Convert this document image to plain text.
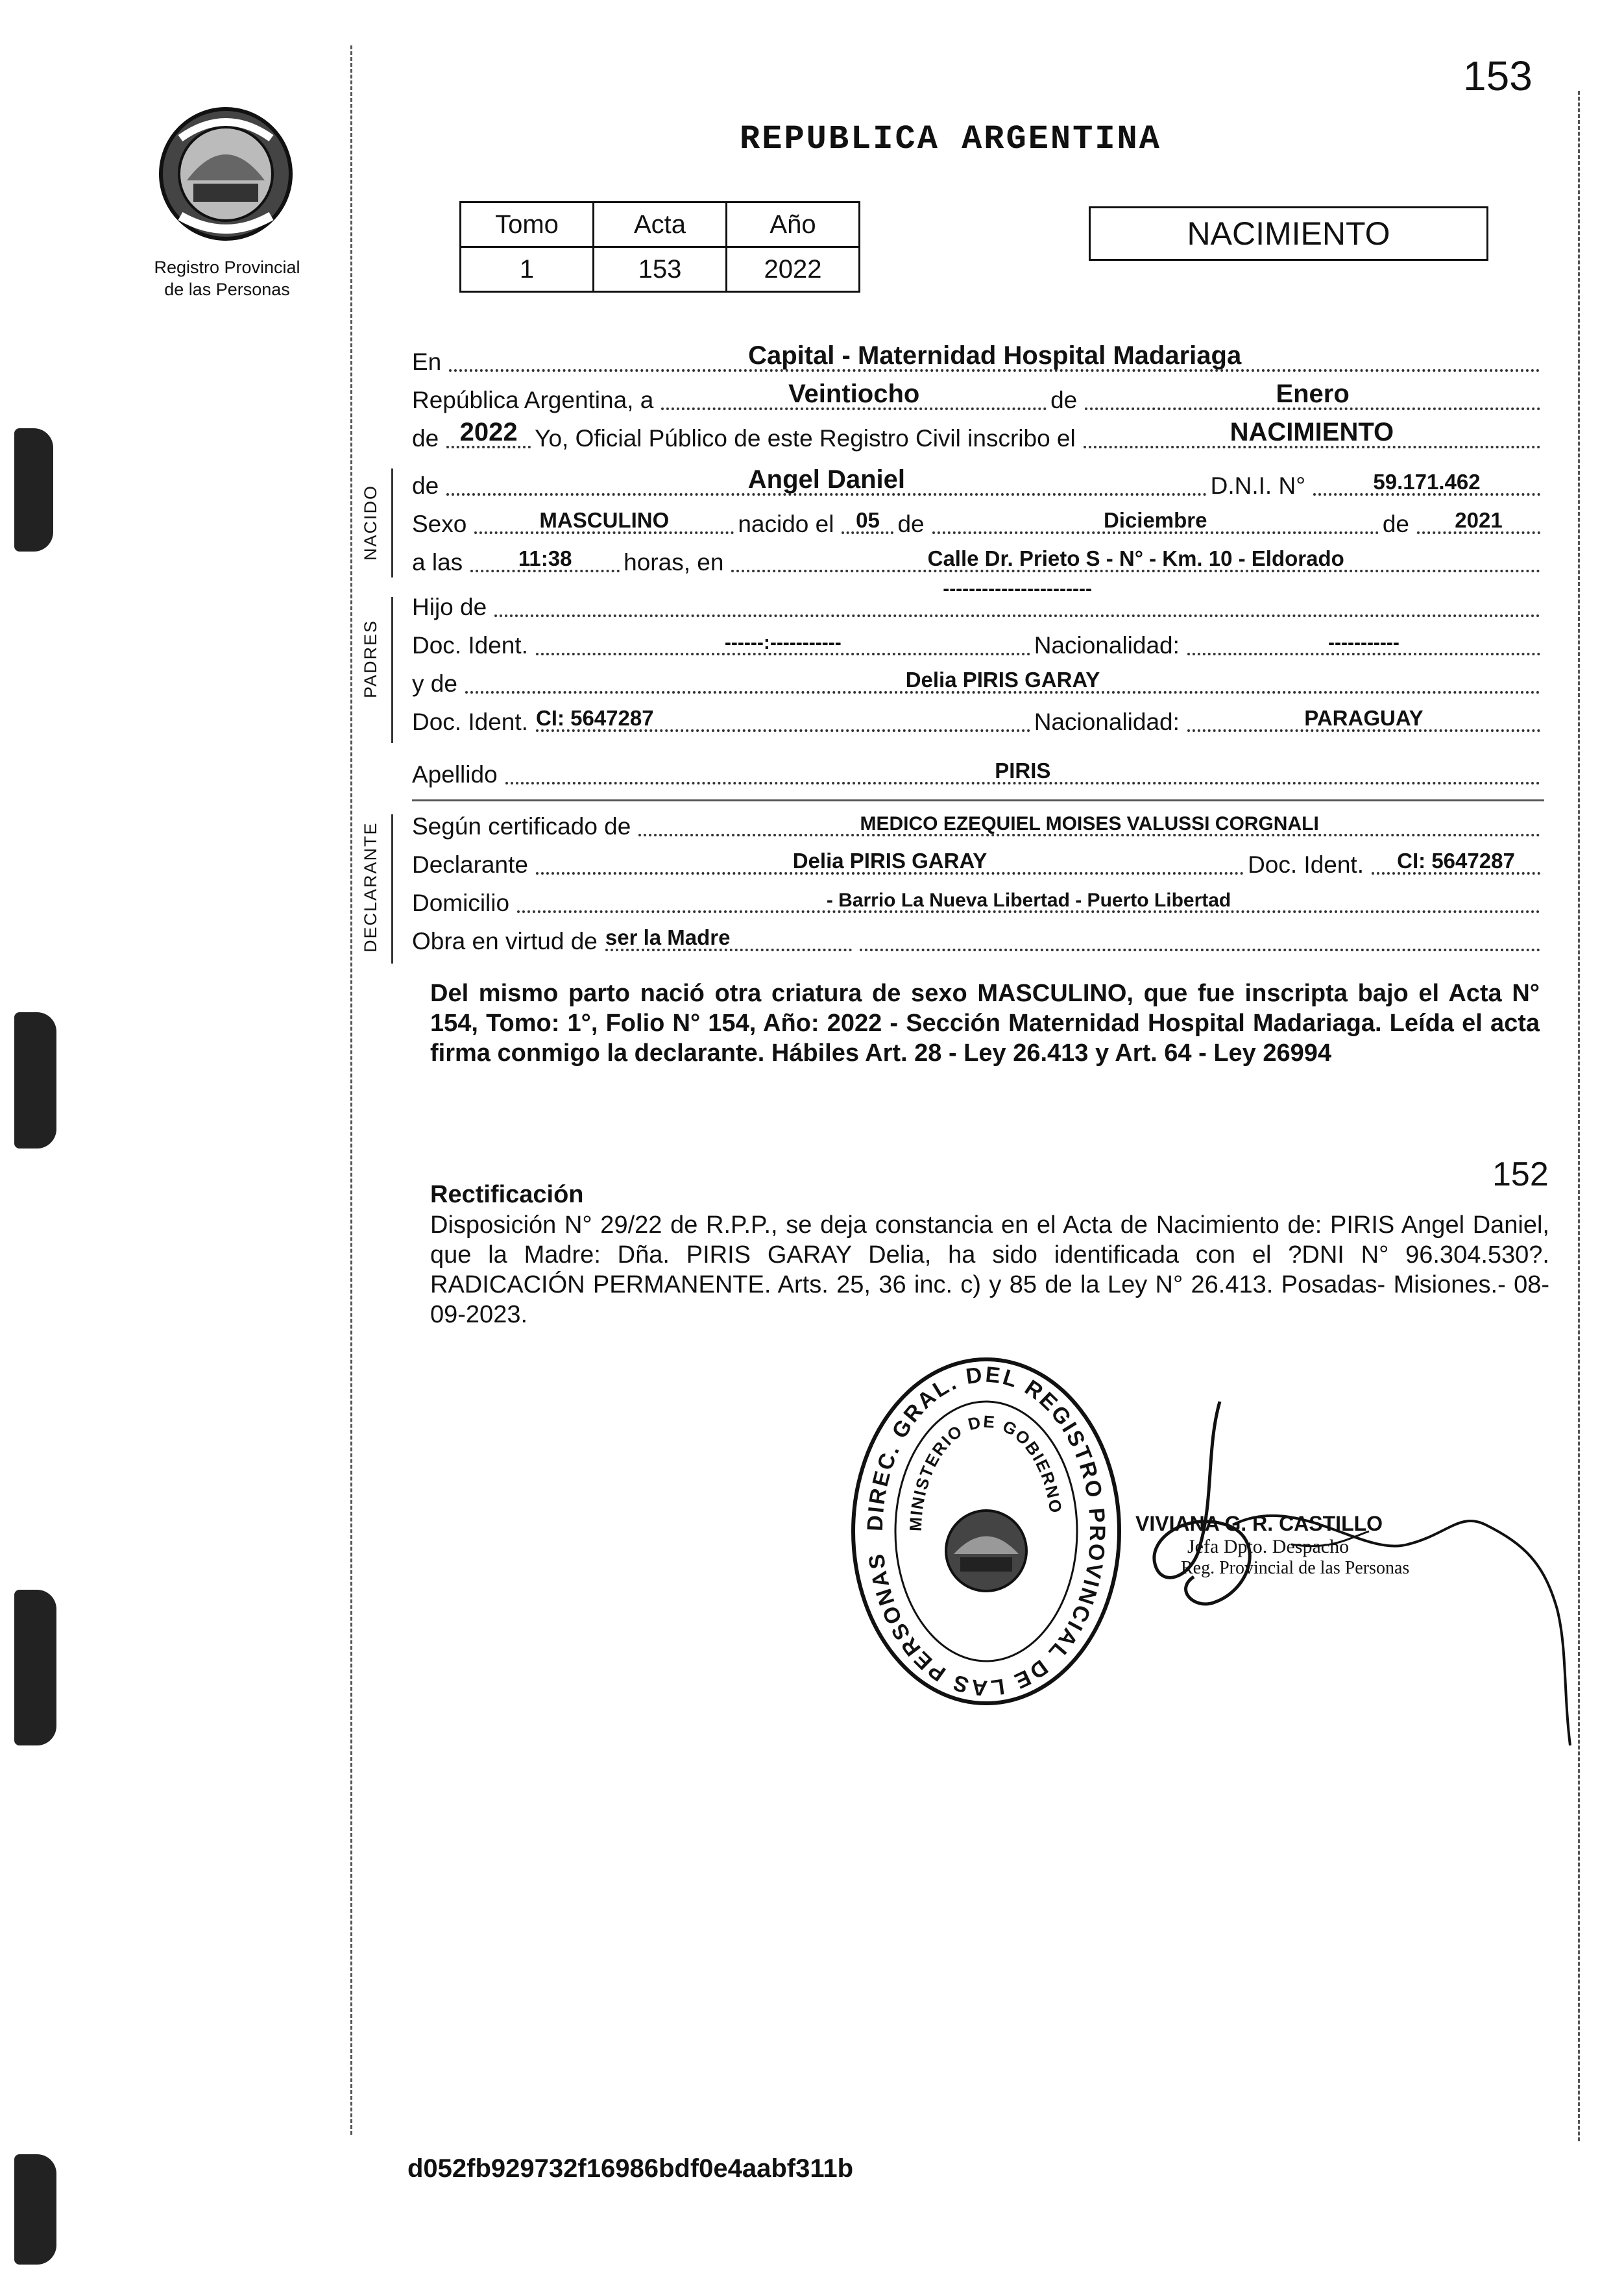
153
Registro Provincial
de las Personas
REPUBLICA ARGENTINA
Tomo	Acta	Año
1	153	2022
NACIMIENTO
En	Capital - Maternidad Hospital Madariaga
República Argentina, a	Veintiocho	de	Enero
de 2022 Yo, Oficial Público de este Registro Civil inscribo el	NACIMIENTO
NACIDO de	Angel Daniel	D.N.I. N°	59.171.462
Sexo	MASCULINO	nacido el 05 de	Diciembre	de 2021
a las	11:38 horas, en	Calle Dr. Prieto S - N° - Km. 10 - Eldorado
PADRES
Hijo de
-----------------------
Doc. Ident.	------:-----------	Nacionalidad:	-----------
y de	Delia PIRIS GARAY
Doc. Ident. CI: 5647287	Nacionalidad:	PARAGUAY
Apellido	PIRIS
DECLARANTE Según certificado de	MEDICO EZEQUIEL MOISES VALUSSI CORGNALI
Declarante	Delia PIRIS GARAY	Doc. Ident. CI: 5647287
Domicilio	- Barrio La Nueva Libertad - Puerto Libertad
Obra en virtud de ser la Madre
Del mismo parto nació otra criatura de sexo MASCULINO, que fue inscripta bajo el Acta N° 154, Tomo: 1°, Folio N° 154, Año: 2022 - Sección Maternidad Hospital Madariaga. Leída el acta firma conmigo la declarante. Hábiles Art. 28 - Ley 26.413 y Art. 64 - Ley 26994
152
Rectificación
Disposición N° 29/22 de R.P.P., se deja constancia en el Acta de Nacimiento de: PIRIS Angel Daniel, que la Madre: Dña. PIRIS GARAY Delia, ha sido identificada con el ?DNI N° 96.304.530?. RADICACIÓN PERMANENTE. Arts. 25, 36 inc. c) y 85 de la Ley N° 26.413. Posadas- Misiones.- 08-09-2023.
DIREC. GRAL. DEL REGISTRO PROVINCIAL DE LAS PERSONAS
MINISTERIO DE GOBIERNO
VIVIANA G. R. CASTILLO
Jefa Dpto. Despacho
Reg. Provincial de las Personas
d052fb929732f16986bdf0e4aabf311b
